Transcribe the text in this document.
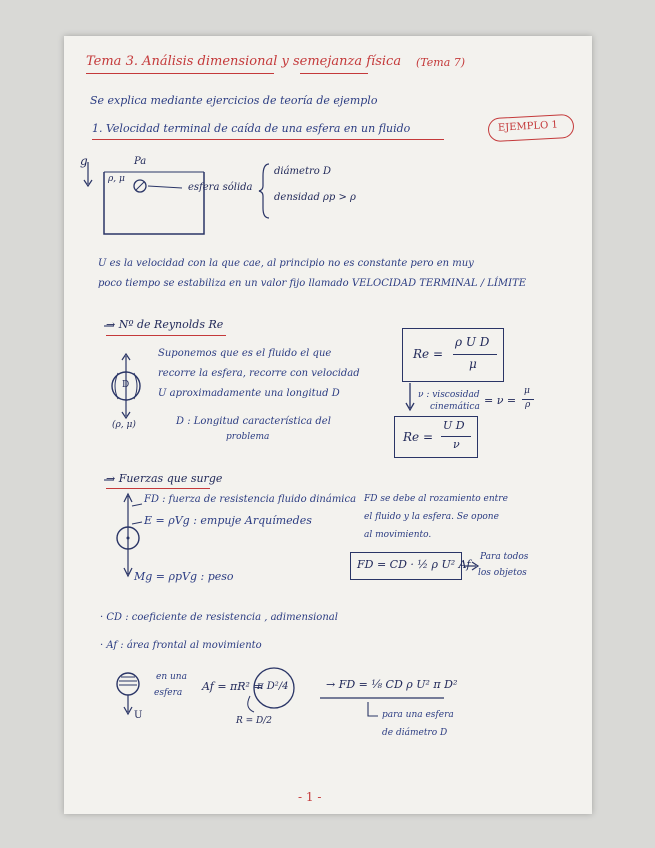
Tema 3. Análisis dimensional y semejanza física (Tema 7)
Se explica mediante ejercicios de teoría de ejemplo
1. Velocidad terminal de caída de una esfera en un fluido	EJEMPLO 1
g	Pa
ρ, μ
esfera sólida
diámetro D
densidad ρp > ρ
U es la velocidad con la que cae, al principio no es constante pero en muy
poco tiempo se estabiliza en un valor fijo llamado VELOCIDAD TERMINAL / LÍMITE
→ Nº de Reynolds Re
D
(ρ, μ)
Suponemos que es el fluido el que
recorre la esfera, recorre con velocidad
U aproximadamente una longitud D
D : Longitud característica del
problema
Re =
ρ U D
μ
ν : viscosidad
cinemática = ν =
μ
ρ
Re =
U D
ν
→ Fuerzas que surge
FD : fuerza de resistencia fluido dinámica
E = ρVg : empuje Arquímedes
Mg = ρpVg : peso
FD se debe al rozamiento entre
el fluido y la esfera. Se opone
al movimiento.
FD = CD · ½ ρ U² Af
Para todos
los objetos
· CD : coeficiente de resistencia , adimensional
· Af : área frontal al movimiento
en una
esfera Af = πR² =
π D²/4
R = D/2
U
→ FD = ⅛ CD ρ U² π D²
para una esfera
de diámetro D
- 1 -
